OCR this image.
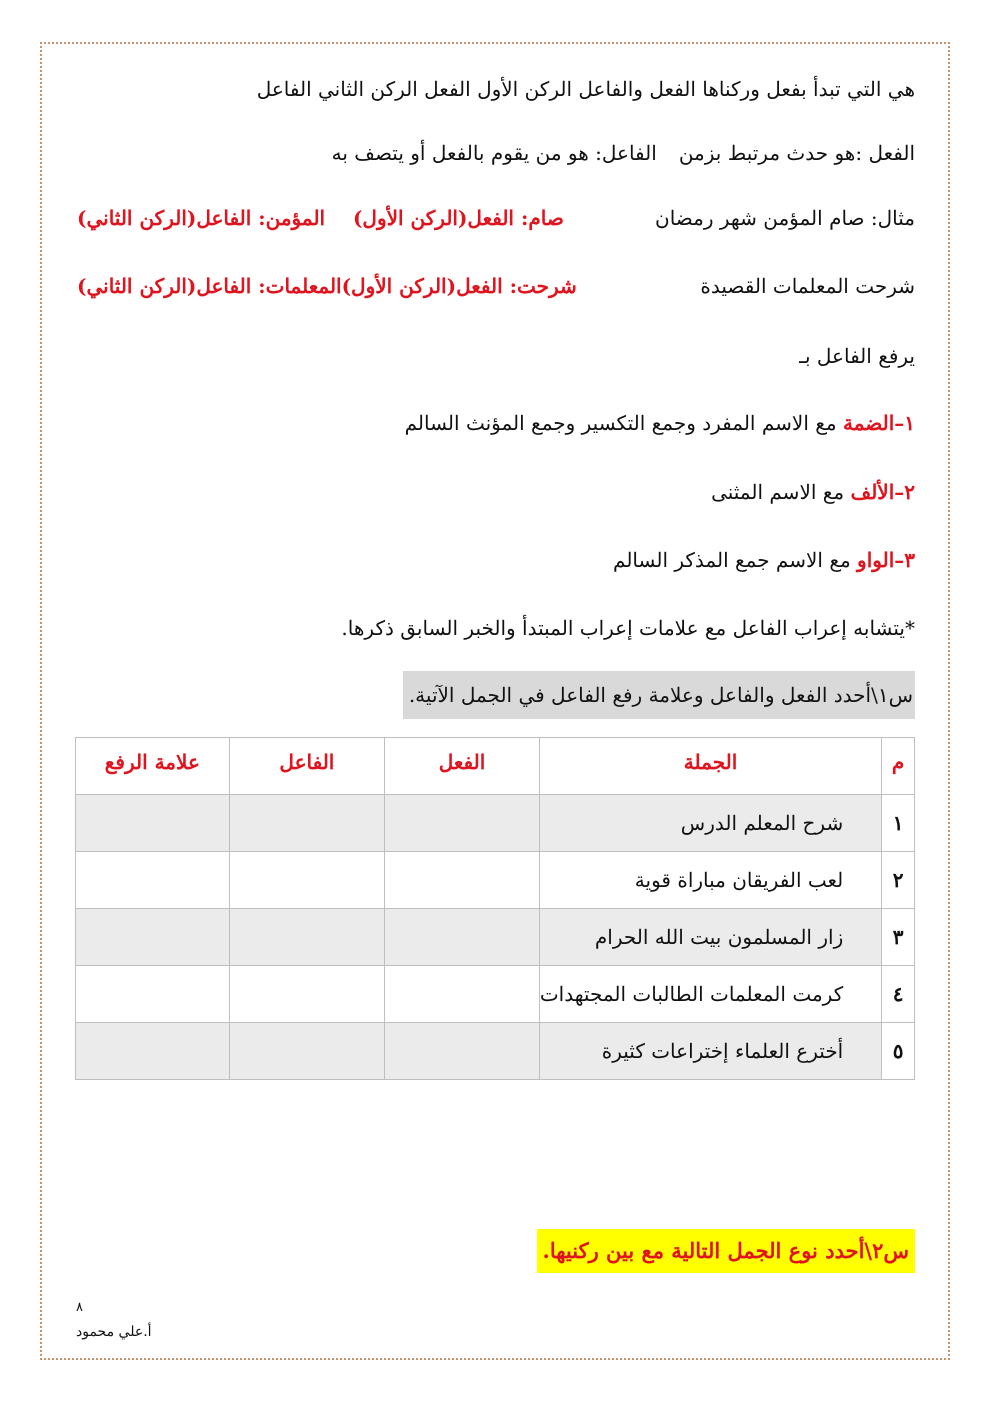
هي التي تبدأ بفعل وركناها الفعل والفاعل الركن الأول الفعل الركن الثاني الفاعل
الفعل :هو حدث مرتبط بزمنالفاعل: هو من يقوم بالفعل أو يتصف به
مثال: صام المؤمن شهر رمضان
صام: الفعل(الركن الأول)    المؤمن: الفاعل(الركن الثاني)
شرحت المعلمات القصيدة
شرحت: الفعل(الركن الأول)المعلمات: الفاعل(الركن الثاني)
يرفع الفاعل بـ
١–الضمة مع الاسم المفرد وجمع التكسير وجمع المؤنث السالم
٢–الألف مع الاسم المثنى
٣–الواو مع الاسم جمع المذكر السالم
*يتشابه إعراب الفاعل مع علامات إعراب المبتدأ والخبر السابق ذكرها.
س١\أحدد الفعل والفاعل وعلامة رفع الفاعل في الجمل الآتية.
م	الجملة	الفعل	الفاعل	علامة الرفع
١	شرح المعلم الدرس			
٢	لعب الفريقان مباراة قوية			
٣	زار المسلمون بيت الله الحرام			
٤	كرمت المعلمات الطالبات المجتهدات			
٥	أخترع العلماء إختراعات كثيرة			
س٢\أحدد نوع الجمل التالية مع بين ركنيها.
٨
أ.علي محمود
